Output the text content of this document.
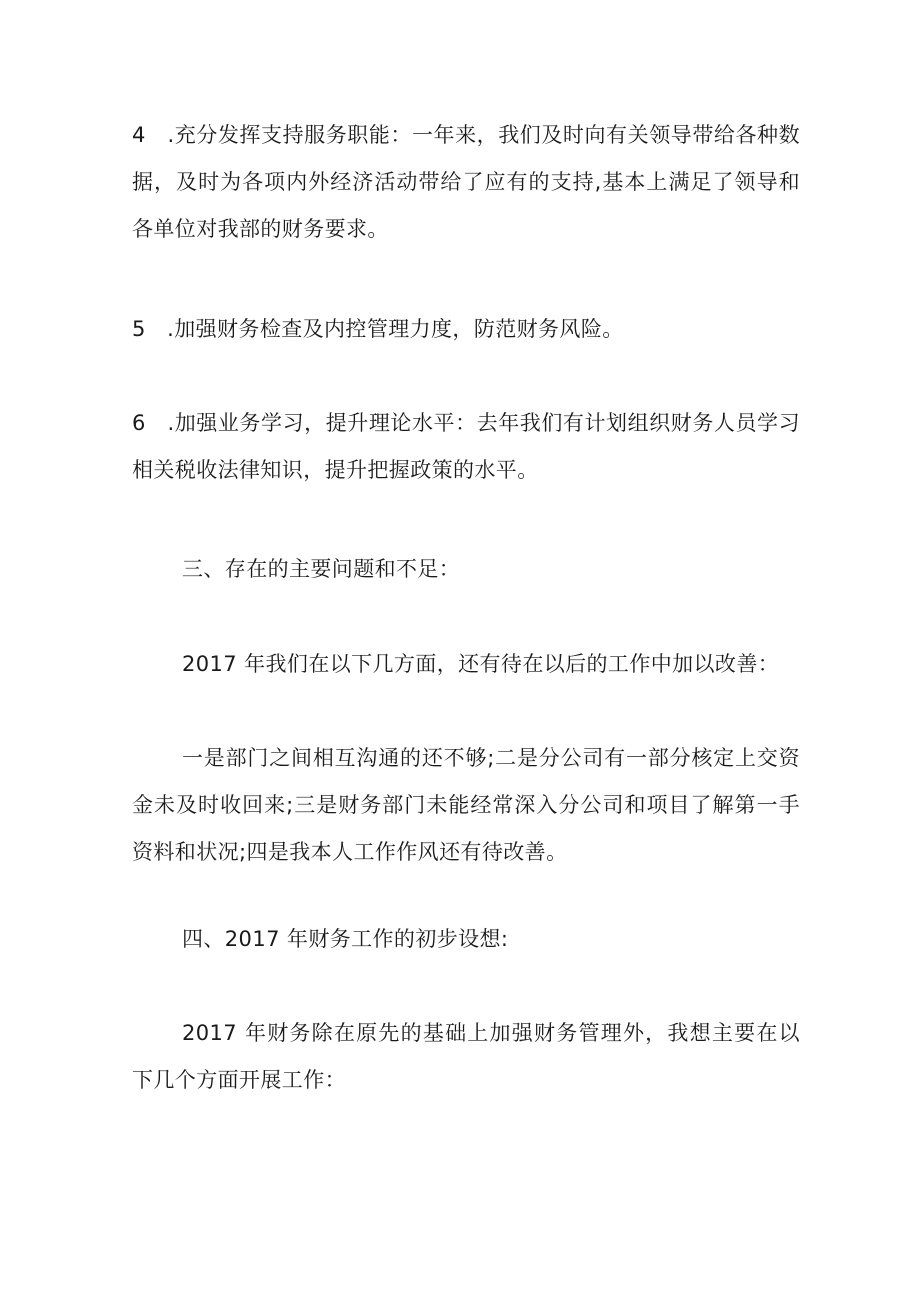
4　.充分发挥支持服务职能：一年来，我们及时向有关领导带给各种数据，及时为各项内外经济活动带给了应有的支持,基本上满足了领导和各单位对我部的财务要求。

5　.加强财务检查及内控管理力度，防范财务风险。

6　.加强业务学习，提升理论水平：去年我们有计划组织财务人员学习相关税收法律知识，提升把握政策的水平。

三、存在的主要问题和不足：

2017 年我们在以下几方面，还有待在以后的工作中加以改善：

一是部门之间相互沟通的还不够;二是分公司有一部分核定上交资金未及时收回来;三是财务部门未能经常深入分公司和项目了解第一手资料和状况;四是我本人工作作风还有待改善。

四、2017 年财务工作的初步设想:

2017 年财务除在原先的基础上加强财务管理外，我想主要在以下几个方面开展工作：
